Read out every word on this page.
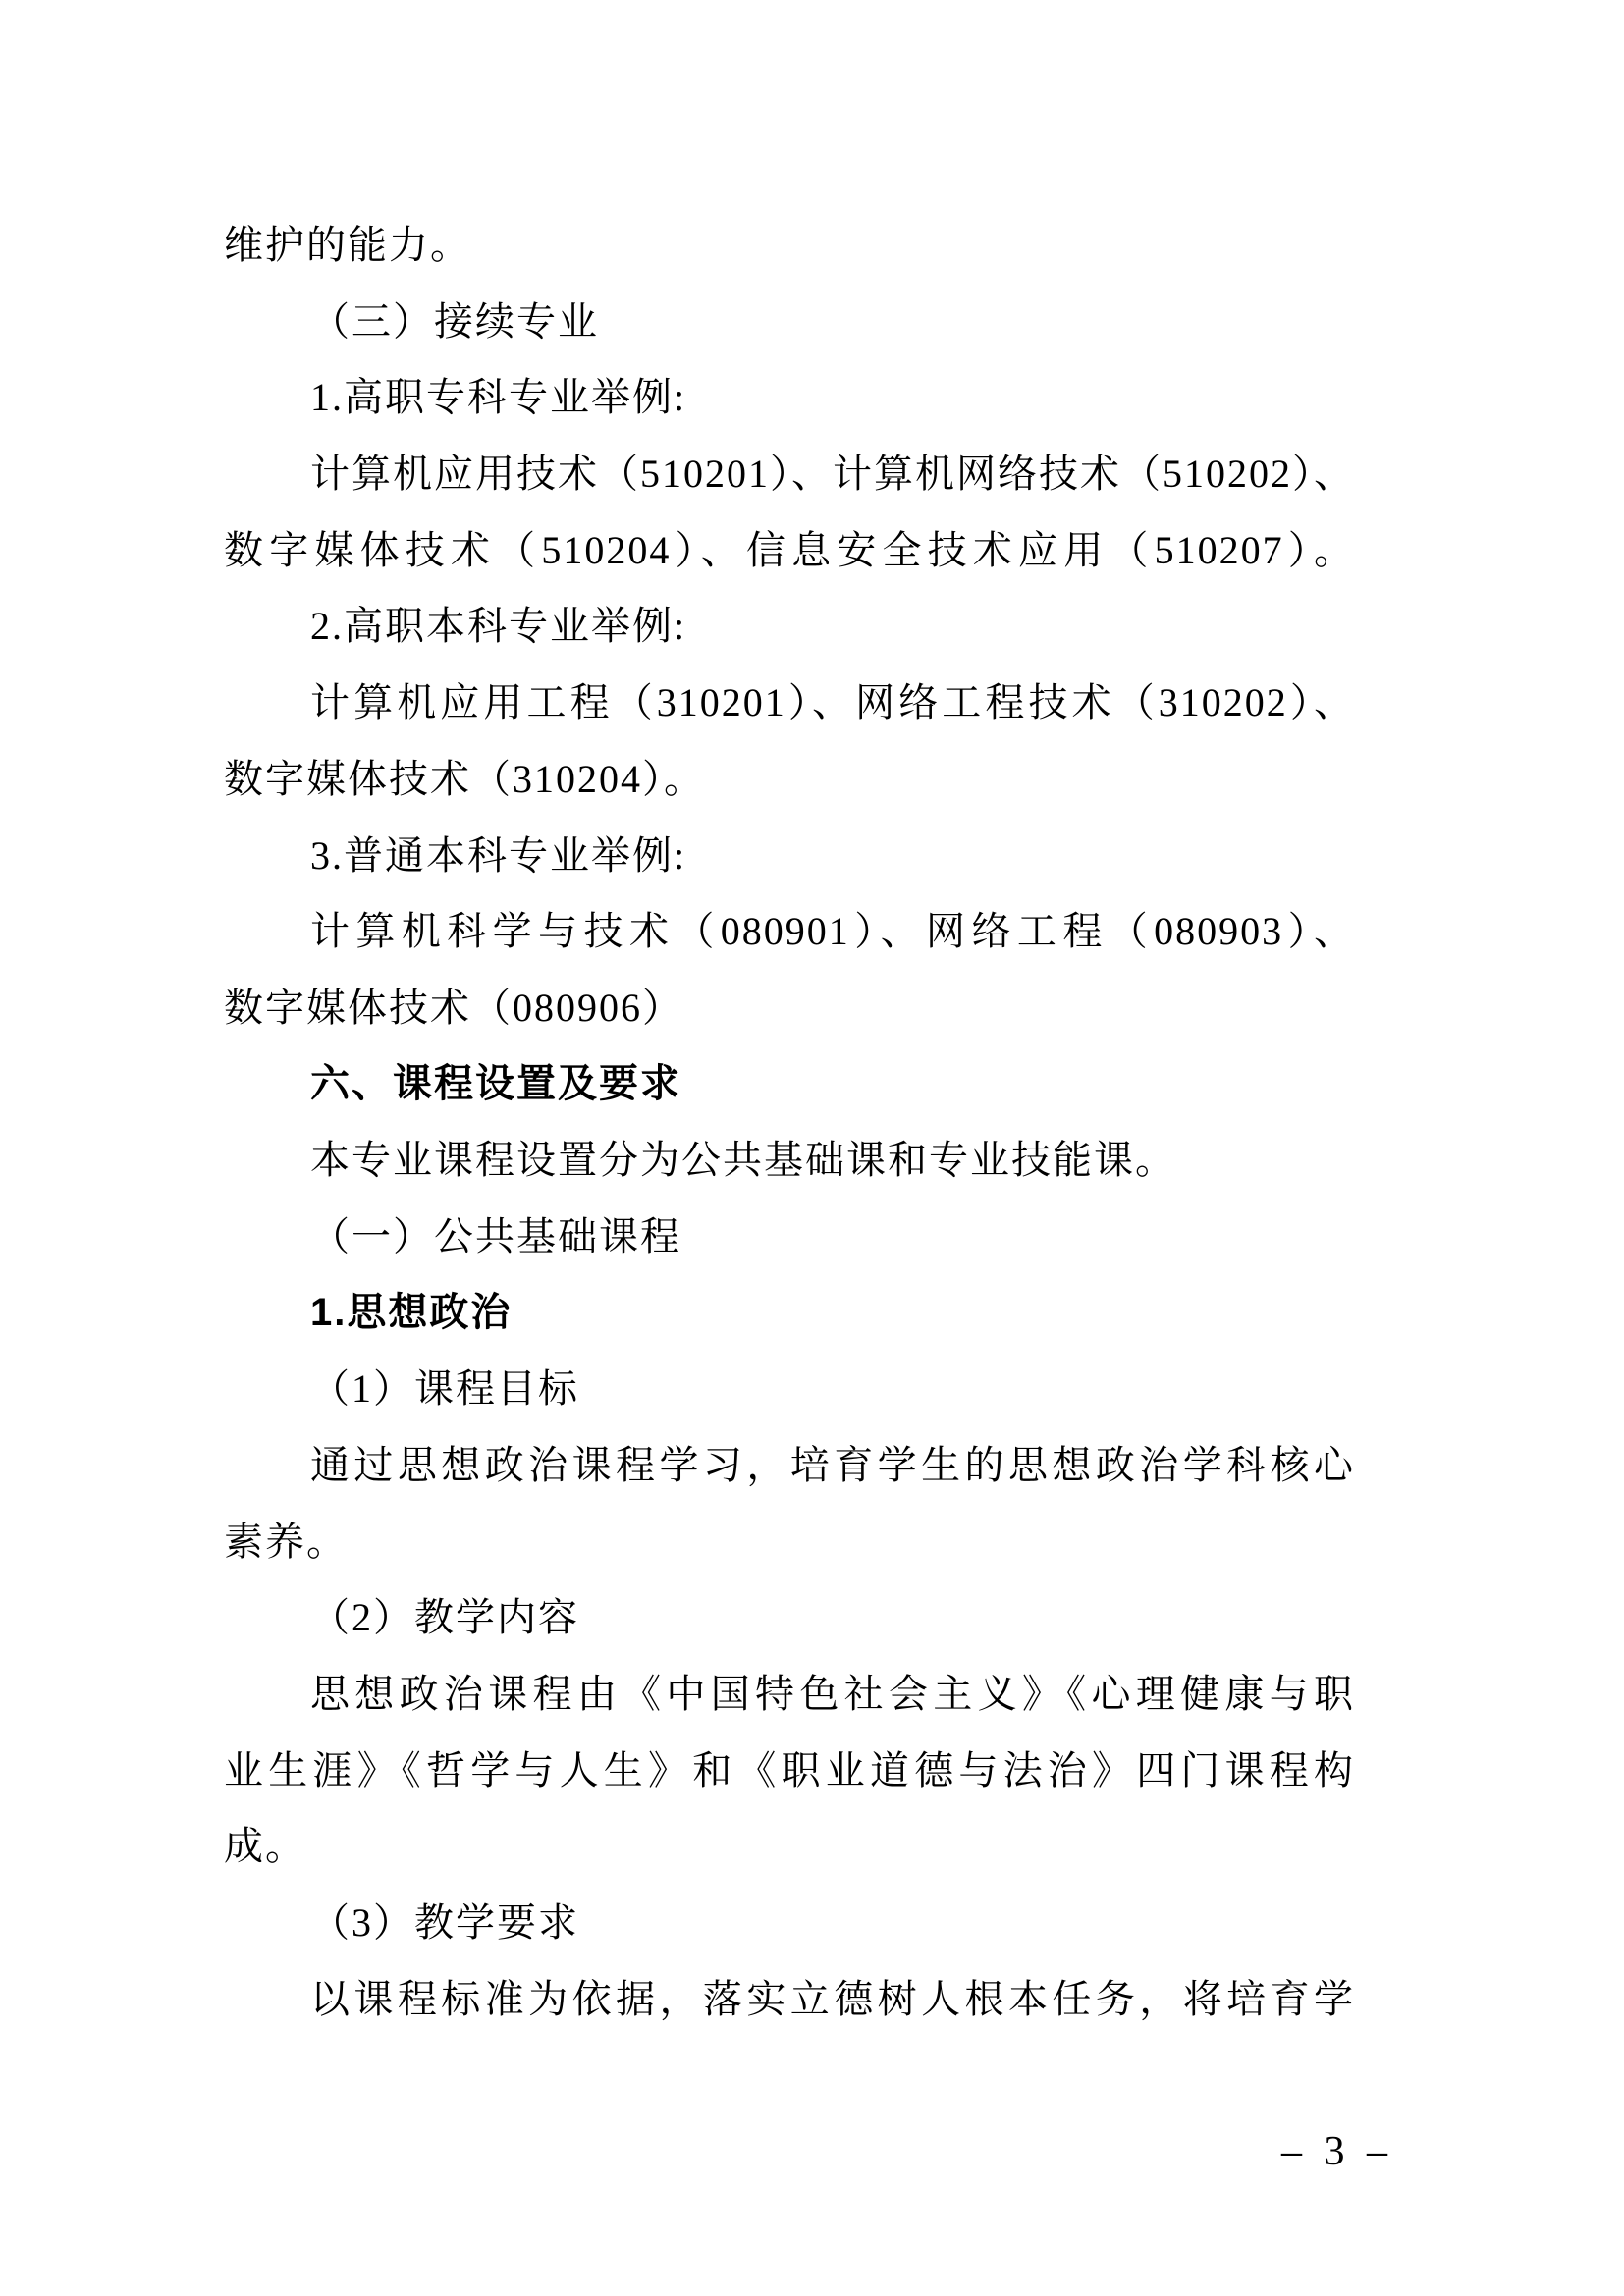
维护的能力。
（三）接续专业
1.高职专科专业举例:
计算机应用技术（510201）、计算机网络技术（510202）、
数字媒体技术（510204）、信息安全技术应用（510207）。
2.高职本科专业举例:
计算机应用工程（310201）、网络工程技术（310202）、
数字媒体技术（310204）。
3.普通本科专业举例:
计算机科学与技术（080901）、网络工程（080903）、
数字媒体技术（080906）
六、课程设置及要求
本专业课程设置分为公共基础课和专业技能课。
（一）公共基础课程
1.思想政治
（1）课程目标
通过思想政治课程学习，培育学生的思想政治学科核心
素养。
（2）教学内容
思想政治课程由《中国特色社会主义》《心理健康与职
业生涯》《哲学与人生》和《职业道德与法治》四门课程构
成。
（3）教学要求
以课程标准为依据，落实立德树人根本任务，将培育学
– 3 –
